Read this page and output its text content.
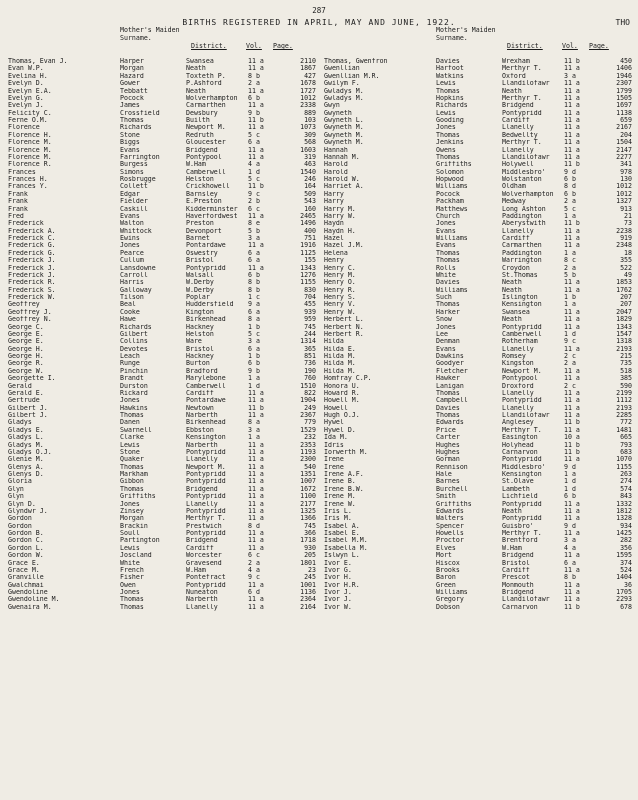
287
BIRTHS REGISTERED IN APRIL, MAY AND JUNE, 1922.	THO
Mother's Maiden Surname.
District.	Vol. Page.
Thomas, Evan J.	Harper	Swansea	11 a	2110
Evan W.P.	Morgan	Neath	11 a	1867
Evelina H.	Hazard	Toxteth P.	8 b	427
Evelyn D.	Gower	P.Ashford	2 a	1678
Evelyn E.A.	Tebbatt	Neath	11 a	1727
Evelyn G.	Pocock	Wolverhampton	6 b	1012
Evelyn J.	James	Carmarthen	11 a	2338
Felicity C.	Crossfield	Dewsbury	9 b	889
Ferne O.M.	Thomas	Builth	11 b	103
Florence	Richards	Newport M.	11 a	1073
Florence H.	Stone	Redruth	5 c	309
Florence M.	Biggs	Gloucester	6 a	568
Florence M.	Evans	Bridgend	11 a	1603
Florence M.	Farrington	Pontypool	11 a	319
Florence R.	Burgess	W.Ham	4 a	463
Frances	Simons	Camberwell	1 d	1540
Frances H.	Rosbrugge	Helston	5 c	246
Frances Y.	Collett	Crickhowell	11 b	164
Frank	Edgar	Barnsley	9 c	509
Frank	Fielder	E.Preston	2 b	543
Frank	Caskill	Kidderminster	6 c	160
Fred	Evans	Haverfordwest	11 a	2465
Frederick	Walton	Preston	8 e	1496
Frederick A.	Whittock	Devonport	5 b	400
Frederick C.	Ewins	Barnet	3 a	751
Frederick G.	Jones	Pontardawe	11 a	1916
Frederick G.	Pearce	Oswestry	6 a	1125
Frederick J.	Cullum	Bristol	6 a	155
Frederick J.	Lansdowne	Pontypridd	11 a	1343
Frederick J.	Carroll	Walsall	6 b	1276
Frederick R.	Harris	W.Derby	8 b	1155
Frederick S.	Galloway	W.Derby	8 b	830
Frederick W.	Tilson	Poplar	1 c	704
Geoffrey	Beal	Huddersfield	9 a	455
Geoffrey J.	Cooke	Kington	6 a	939
Geoffrey N.	Hawe	Birkenhead	8 a	959
George C.	Richards	Hackney	1 b	745
George E.	Gilbert	Helston	5 c	244
George E.	Collins	Ware	3 a	1314
George H.	Devotes	Bristol	6 a	365
George H.	Leach	Hackney	1 b	851
George R.	Runge	Burton	6 b	736
George W.	Pinchin	Bradford	9 b	190
Georgette I.	Brandt	Marylebone	1 a	760
Gerald	Durston	Camberwell	1 d	1510
Gerald E.	Rickard	Cardiff	11 a	822
Gertrude	Jones	Pontardawe	11 a	1904
Gilbert J.	Hawkins	Newtown	11 b	249
Gilbert J.	Thomas	Narberth	11 a	2367
Gladys	Danen	Birkenhead	8 a	779
Gladys E.	Swarnell	Ebbston	3 a	1529
Gladys L.	Clarke	Kensington	1 a	232
Gladys M.	Lewis	Narberth	11 a	2353
Gladys O.J.	Stone	Pontypridd	11 a	1193
Glenie M.	Quaker	Llanelly	11 a	2300
Glenys A.	Thomas	Newport M.	11 a	540
Glenys D.	Markham	Pontypridd	11 a	1351
Gloria	Gibbon	Pontypridd	11 a	1007
Glyn	Thomas	Bridgend	11 a	1672
Glyn	Griffiths	Pontypridd	11 a	1100
Glyn D.	Jones	Llanelly	11 a	2177
Glyndwr J.	Zinsey	Pontypridd	11 a	1325
Gordon	Morgan	Merthyr T.	11 a	1366
Gordon	Brackin	Prestwich	8 d	745
Gordon B.	Soull	Pontypridd	11 a	366
Gordon C.	Partington	Bridgend	11 a	1718
Gordon L.	Lewis	Cardiff	11 a	930
Gordon W.	Joscland	Worcester	6 c	205
Grace E.	White	Gravesend	2 a	1801
Grace M.	French	W.Ham	4 a	23
Granville	Fisher	Pontefract	9 c	245
Gwalchmai	Owen	Pontypridd	11 a	1001
Gwendoline	Jones	Nuneaton	6 d	1136
Gwendoline M.	Thomas	Narberth	11 a	2364
Gwenaira M.	Thomas	Llanelly	11 a	2164
Mother's Maiden Surname.
District.	Vol. Page.
Thomas, Gwenfron	Davies	Wrexham	11 b	450
Gwenllian	Harfoot	Merthyr T.	11 a	1406
Gwenllian M.R.	Watkins	Oxford	3 a	1946
Gwilym F.	Lewis	Llandilofawr	11 a	2307
Gwladys M.	Thomas	Neath	11 a	1799
Gwladys M.	Hopkins	Merthyr T.	11 a	1505
Gwyn	Richards	Bridgend	11 a	1697
Gwyneth	Lewis	Pontypridd	11 a	1138
Gwyneth L.	Gooding	Cardiff	11 a	659
Gwyneth M.	Jones	Llanelly	11 a	2167
Gwyneth M.	Thomas	Bedwellty	11 a	204
Gwyneth M.	Jenkins	Merthyr T.	11 a	1504
Hannah	Owens	Llanelly	11 a	2147
Hannah M.	Thomas	Llandilofawr	11 a	2277
Harold	Griffiths	Holywell	11 b	341
Harold	Solomon	Middlesbro'	9 d	978
Harold W.	Hopwood	Wolstanton	6 b	130
Harriet A.	Williams	Oldham	8 d	1012
Harry	Pocock	Wolverhampton	6 b	1012
Harry	Packham	Medway	2 a	1327
Harry M.	Matthews	Long Ashton	5 c	913
Harry W.	Church	Paddington	1 a	21
Haydn	Jones	Aberystwith	11 b	73
Haydn H.	Evans	Llanelly	11 a	2238
Hazel	Williams	Cardiff	11 a	919
Hazel J.M.	Evans	Carmarthen	11 a	2348
Helena	Thomas	Paddington	1 a	18
Henry	Thomas	Warrington	8 c	355
Henry C.	Rolls	Croydon	2 a	522
Henry M.	White	St.Thomas	5 b	49
Henry O.	Davies	Neath	11 a	1853
Henry R.	Williams	Neath	11 a	1762
Henry S.	Such	Islington	1 b	207
Henry V.	Thomas	Kensington	1 a	207
Henry W.	Harker	Swansea	11 a	2047
Herbert L.	Snow	Neath	11 a	1829
Herbert N.	Jones	Pontypridd	11 a	1343
Herbert R.	Lee	Camberwell	1 d	1547
Hilda	Denman	Rotherham	9 c	1318
Hilda E.	Evans	Llanelly	11 a	2193
Hilda M.	Dawkins	Romsey	2 c	215
Hilda M.	Goodyer	Kingston	2 a	735
Hilda M.	Fletcher	Newport M.	11 a	518
Homfray C.P.	Hawker	Pontypool	11 a	385
Honora U.	Lanigan	Droxford	2 c	590
Howard R.	Thomas	Llanelly	11 a	2199
Howell M.	Campbell	Pontypridd	11 a	1112
Howell	Davies	Llanelly	11 a	2193
Hugh O.J.	Thomas	Llandilofawr	11 a	2285
Hywel	Edwards	Anglesey	11 b	772
Hywel D.	Price	Merthyr T.	11 a	1481
Ida M.	Carter	Easington	10 a	665
Idris	Hughes	Holyhead	11 b	793
Iorwerth M.	Hughes	Carnarvon	11 b	683
Irene	Gorman	Pontypridd	11 a	1070
Irene	Rennison	Middlesbro'	9 d	1155
Irene A.F.	Hale	Kensington	1 a	263
Irene B.	Barnes	St.Olave	1 d	274
Irene B.W.	Burchell	Lambeth	1 d	574
Irene M.	Smith	Lichfield	6 b	843
Irene W.	Griffiths	Pontypridd	11 a	1332
Iris L.	Edwards	Neath	11 a	1812
Iris M.	Walters	Pontypridd	11 a	1328
Isabel A.	Spencer	Guisbro'	9 d	934
Isabel E.	Howells	Merthyr T.	11 a	1425
Isabel M.M.	Proctor	Brentford	3 a	282
Isabella M.	Elves	W.Ham	4 a	356
Islwyn L.	Mort	Bridgend	11 a	1595
Ivor E.	Hiscox	Bristol	6 a	374
Ivor G.	Brooks	Cardiff	11 a	524
Ivor H.	Baron	Prescot	8 b	1404
Ivor H.R.	Green	Monmouth	11 a	36
Ivor J.	Williams	Bridgend	11 a	1705
Ivor J.	Gregory	Llandilofawr	11 a	2293
Ivor W.	Dobson	Carnarvon	11 b	678
